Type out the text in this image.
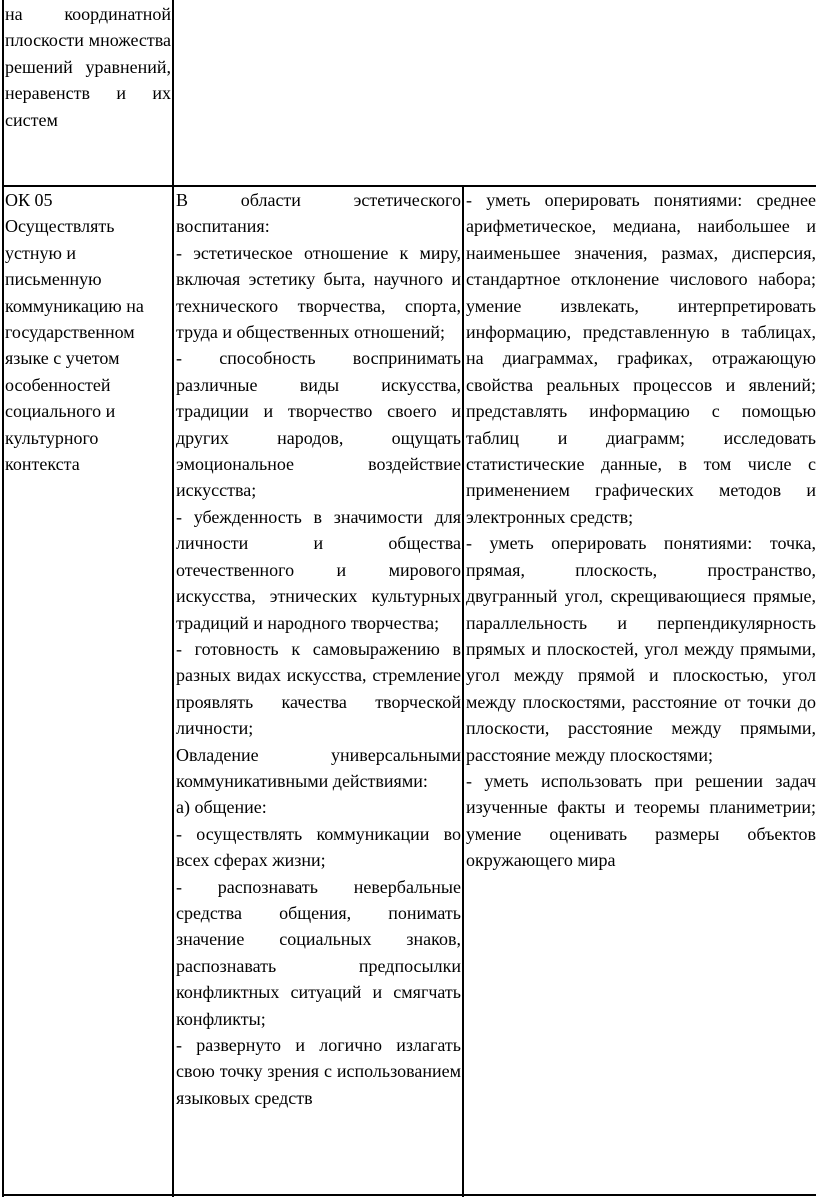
на координатной плоскости множества решений уравнений, неравенств и их систем

ОК 05

Осуществлять устную и письменную коммуникацию на государственном языке с учетом особенностей социального и культурного контекста

В области эстетического воспитания:

- эстетическое отношение к миру, включая эстетику быта, научного и технического творчества, спорта, труда и общественных отношений;

- способность воспринимать различные виды искусства, традиции и творчество своего и других народов, ощущать эмоциональное воздействие искусства;

- убежденность в значимости для личности и общества отечественного и мирового искусства, этнических культурных традиций и народного творчества;

- готовность к самовыражению в разных видах искусства, стремление проявлять качества творческой личности;

Овладение универсальными коммуникативными действиями:

а) общение:

- осуществлять коммуникации во всех сферах жизни;

- распознавать невербальные средства общения, понимать значение социальных знаков, распознавать предпосылки конфликтных ситуаций и смягчать конфликты;

- развернуто и логично излагать свою точку зрения с использованием языковых средств

- уметь оперировать понятиями: среднее арифметическое, медиана, наибольшее и наименьшее значения, размах, дисперсия, стандартное отклонение числового набора; умение извлекать, интерпретировать информацию, представленную в таблицах, на диаграммах, графиках, отражающую свойства реальных процессов и явлений; представлять информацию с помощью таблиц и диаграмм; исследовать статистические данные, в том числе с применением графических методов и электронных средств;

- уметь оперировать понятиями: точка, прямая, плоскость, пространство, двугранный угол, скрещивающиеся прямые, параллельность и перпендикулярность прямых и плоскостей, угол между прямыми, угол между прямой и плоскостью, угол между плоскостями, расстояние от точки до плоскости, расстояние между прямыми, расстояние между плоскостями;

- уметь использовать при решении задач изученные факты и теоремы планиметрии; умение оценивать размеры объектов окружающего мира
